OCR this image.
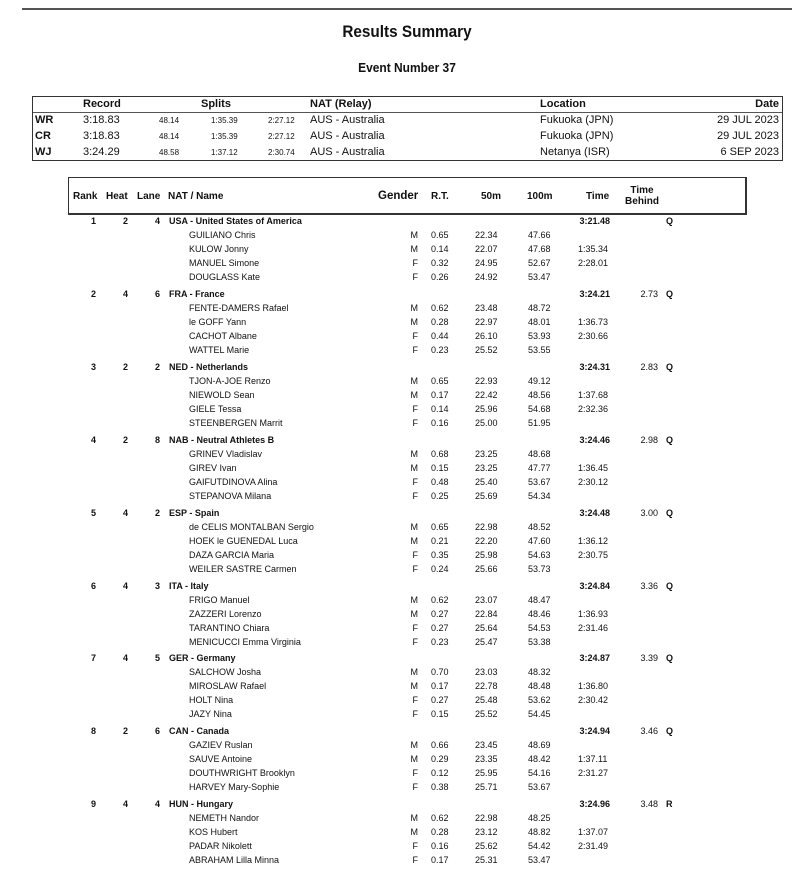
Results Summary
Event Number 37
Record	Splits	NAT (Relay)	Location	Date
WR	3:18.83	48.14	1:35.39	2:27.12 AUS - Australia	Fukuoka (JPN)	29 JUL 2023
CR	3:18.83	48.14	1:35.39	2:27.12 AUS - Australia	Fukuoka (JPN)	29 JUL 2023
WJ	3:24.29	48.58	1:37.12	2:30.74 AUS - Australia	Netanya (ISR)	6 SEP 2023
Rank Heat Lane NAT / Name	Gender R.T.	50m	100m	Time
Time
Behind
1	2	4 USA - United States of America	3:21.48	Q
GUILIANO Chris	M 0.65	22.34	47.66
KULOW Jonny	M 0.14	22.07	47.68	1:35.34
MANUEL Simone	F 0.32	24.95	52.67	2:28.01
DOUGLASS Kate	F 0.26	24.92	53.47
2	4	6 FRA - France	3:24.21	2.73 Q
FENTE-DAMERS Rafael	M 0.62	23.48	48.72
le GOFF Yann	M 0.28	22.97	48.01	1:36.73
CACHOT Albane	F 0.44	26.10	53.93	2:30.66
WATTEL Marie	F 0.23	25.52	53.55
3	2	2 NED - Netherlands	3:24.31	2.83 Q
TJON-A-JOE Renzo	M 0.65	22.93	49.12
NIEWOLD Sean	M 0.17	22.42	48.56	1:37.68
GIELE Tessa	F 0.14	25.96	54.68	2:32.36
STEENBERGEN Marrit	F 0.16	25.00	51.95
4	2	8 NAB - Neutral Athletes B	3:24.46	2.98 Q
GRINEV Vladislav	M 0.68	23.25	48.68
GIREV Ivan	M 0.15	23.25	47.77	1:36.45
GAIFUTDINOVA Alina	F 0.48	25.40	53.67	2:30.12
STEPANOVA Milana	F 0.25	25.69	54.34
5	4	2 ESP - Spain	3:24.48	3.00 Q
de CELIS MONTALBAN Sergio	M 0.65	22.98	48.52
HOEK le GUENEDAL Luca	M 0.21	22.20	47.60	1:36.12
DAZA GARCIA Maria	F 0.35	25.98	54.63	2:30.75
WEILER SASTRE Carmen	F 0.24	25.66	53.73
6	4	3 ITA - Italy	3:24.84	3.36 Q
FRIGO Manuel	M 0.62	23.07	48.47
ZAZZERI Lorenzo	M 0.27	22.84	48.46	1:36.93
TARANTINO Chiara	F 0.27	25.64	54.53	2:31.46
MENICUCCI Emma Virginia	F 0.23	25.47	53.38
7	4	5 GER - Germany	3:24.87	3.39 Q
SALCHOW Josha	M 0.70	23.03	48.32
MIROSLAW Rafael	M 0.17	22.78	48.48	1:36.80
HOLT Nina	F 0.27	25.48	53.62	2:30.42
JAZY Nina	F 0.15	25.52	54.45
8	2	6 CAN - Canada	3:24.94	3.46 Q
GAZIEV Ruslan	M 0.66	23.45	48.69
SAUVE Antoine	M 0.29	23.35	48.42	1:37.11
DOUTHWRIGHT Brooklyn	F 0.12	25.95	54.16	2:31.27
HARVEY Mary-Sophie	F 0.38	25.71	53.67
9	4	4 HUN - Hungary	3:24.96	3.48 R
NEMETH Nandor	M 0.62	22.98	48.25
KOS Hubert	M 0.28	23.12	48.82	1:37.07
PADAR Nikolett	F 0.16	25.62	54.42	2:31.49
ABRAHAM Lilla Minna	F 0.17	25.31	53.47
